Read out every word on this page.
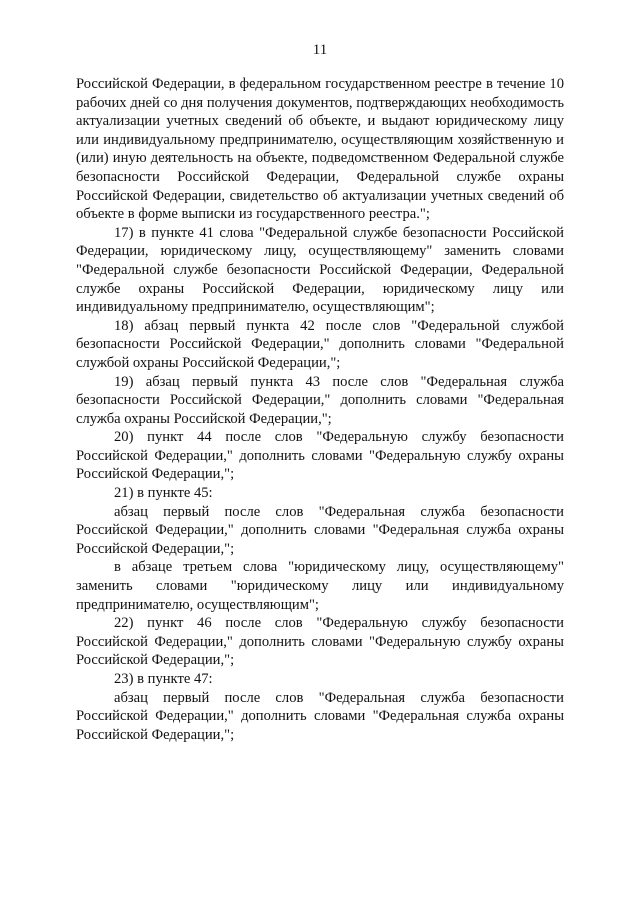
11

Российской Федерации, в федеральном государственном реестре в течение 10 рабочих дней со дня получения документов, подтверждающих необходимость актуализации учетных сведений об объекте, и выдают юридическому лицу или индивидуальному предпринимателю, осуществляющим хозяйственную и (или) иную деятельность на объекте, подведомственном Федеральной службе безопасности Российской Федерации, Федеральной службе охраны Российской Федерации, свидетельство об актуализации учетных сведений об объекте в форме выписки из государственного реестра.";

17) в пункте 41 слова "Федеральной службе безопасности Российской Федерации, юридическому лицу, осуществляющему" заменить словами "Федеральной службе безопасности Российской Федерации, Федеральной службе охраны Российской Федерации, юридическому лицу или индивидуальному предпринимателю, осуществляющим";

18) абзац первый пункта 42 после слов "Федеральной службой безопасности Российской Федерации," дополнить словами "Федеральной службой охраны Российской Федерации,";

19) абзац первый пункта 43 после слов "Федеральная служба безопасности Российской Федерации," дополнить словами "Федеральная служба охраны Российской Федерации,";

20) пункт 44 после слов "Федеральную службу безопасности Российской Федерации," дополнить словами "Федеральную службу охраны Российской Федерации,";

21) в пункте 45:

абзац первый после слов "Федеральная служба безопасности Российской Федерации," дополнить словами "Федеральная служба охраны Российской Федерации,";

в абзаце третьем слова "юридическому лицу, осуществляющему" заменить словами "юридическому лицу или индивидуальному предпринимателю, осуществляющим";

22) пункт 46 после слов "Федеральную службу безопасности Российской Федерации," дополнить словами "Федеральную службу охраны Российской Федерации,";

23) в пункте 47:

абзац первый после слов "Федеральная служба безопасности Российской Федерации," дополнить словами "Федеральная служба охраны Российской Федерации,";
